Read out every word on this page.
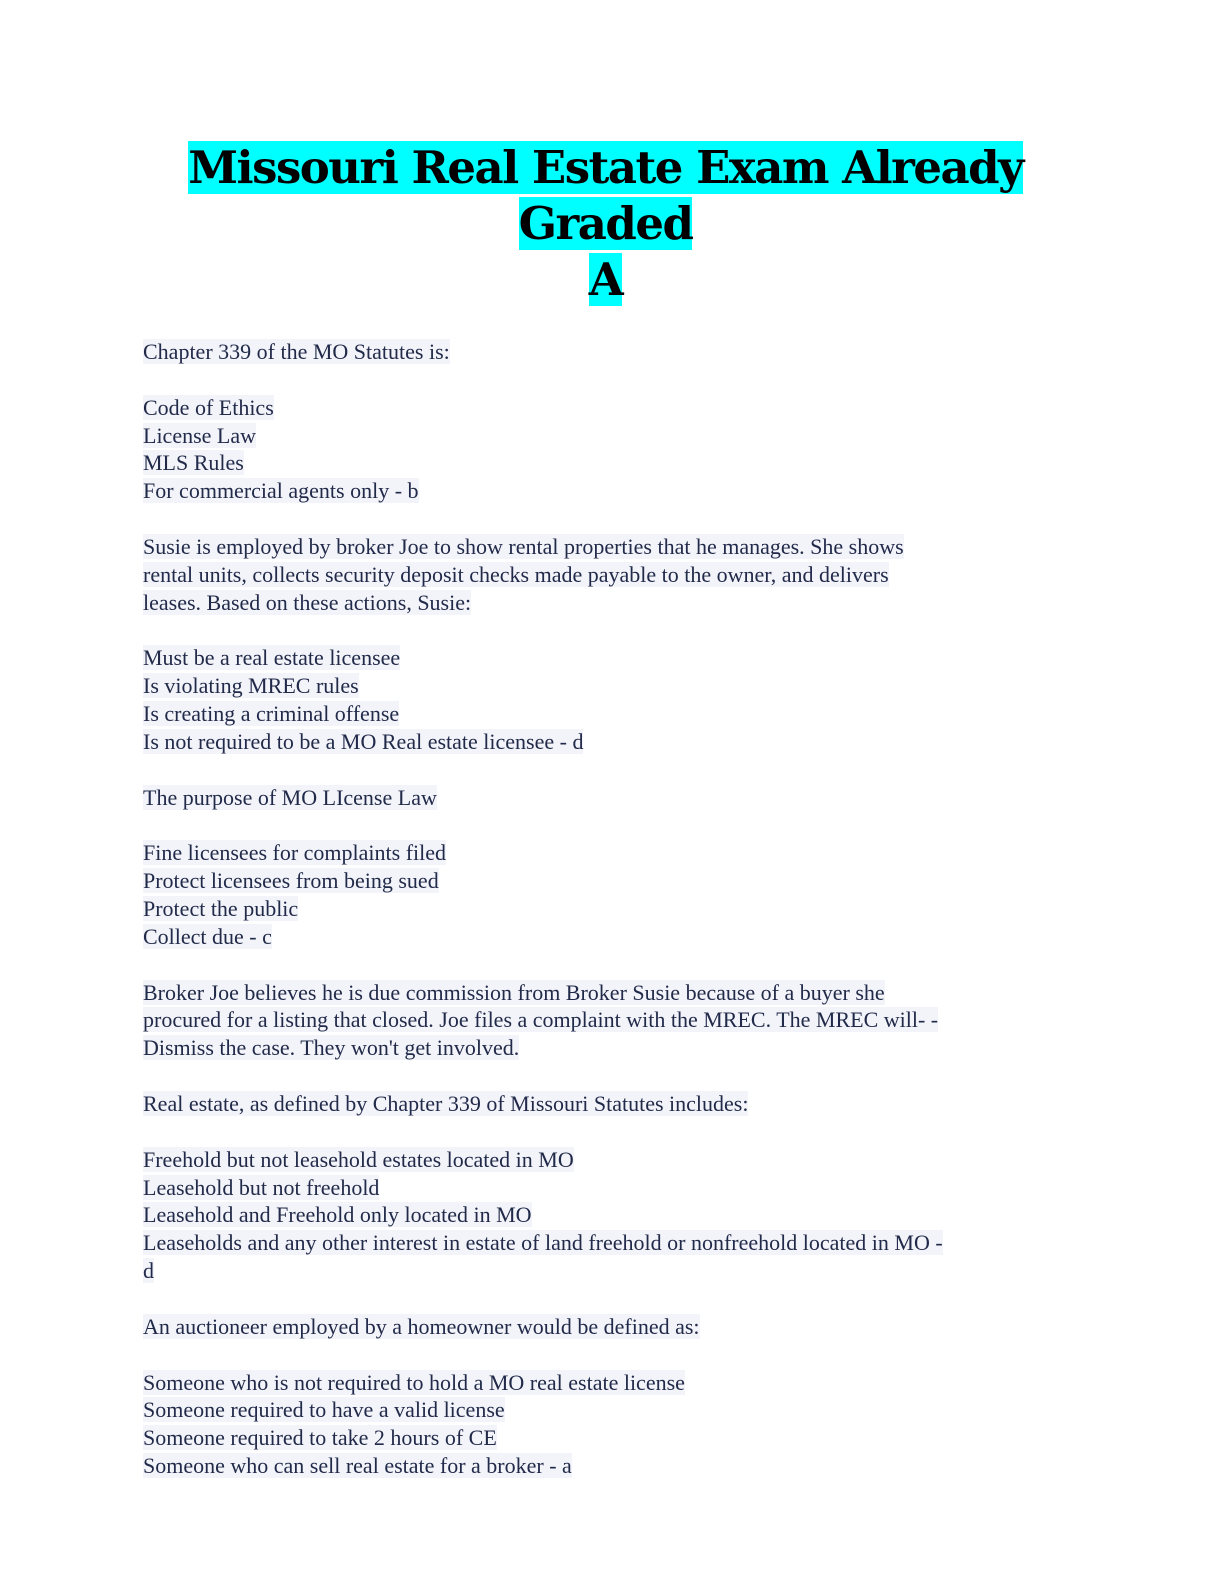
Missouri Real Estate Exam Already Graded
A
Chapter 339 of the MO Statutes is:
Code of Ethics
License Law
MLS Rules
For commercial agents only - b
Susie is employed by broker Joe to show rental properties that he manages. She shows
rental units, collects security deposit checks made payable to the owner, and delivers
leases. Based on these actions, Susie:
Must be a real estate licensee
Is violating MREC rules
Is creating a criminal offense
Is not required to be a MO Real estate licensee - d
The purpose of MO LIcense Law
Fine licensees for complaints filed
Protect licensees from being sued
Protect the public
Collect due - c
Broker Joe believes he is due commission from Broker Susie because of a buyer she
procured for a listing that closed. Joe files a complaint with the MREC. The MREC will- -
Dismiss the case. They won't get involved.
Real estate, as defined by Chapter 339 of Missouri Statutes includes:
Freehold but not leasehold estates located in MO
Leasehold but not freehold
Leasehold and Freehold only located in MO
Leaseholds and any other interest in estate of land freehold or nonfreehold located in MO -
d
An auctioneer employed by a homeowner would be defined as:
Someone who is not required to hold a MO real estate license
Someone required to have a valid license
Someone required to take 2 hours of CE
Someone who can sell real estate for a broker - a
